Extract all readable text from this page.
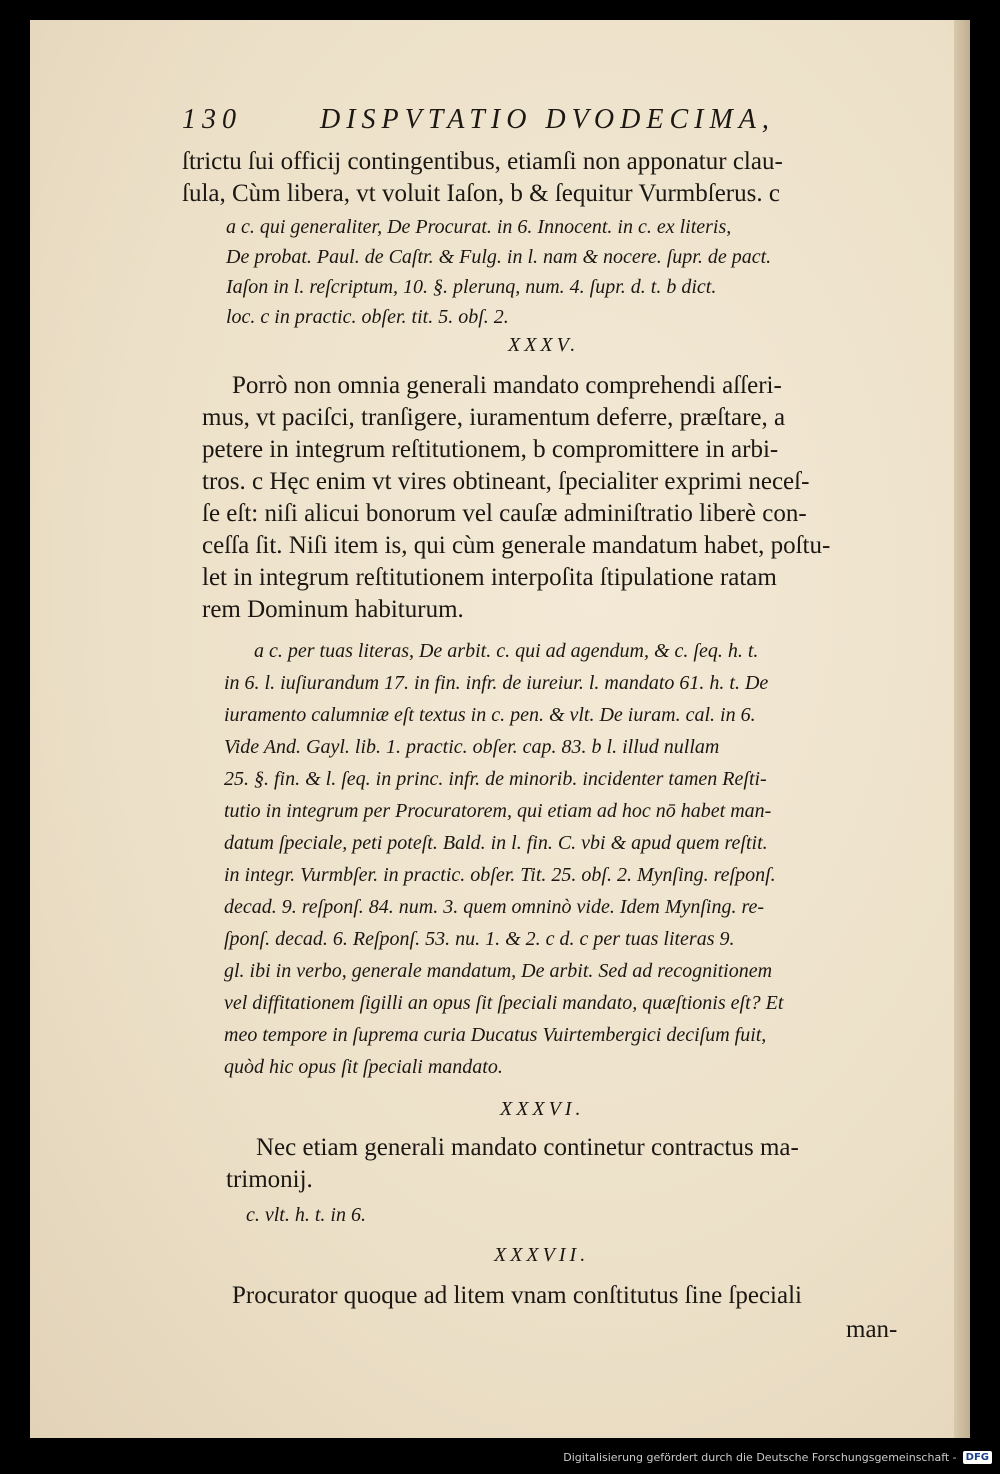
130	DISPVTATIO DVODECIMA,
ſtrictu ſui officij contingentibus, etiamſi non apponatur clau-
ſula, Cùm libera, vt voluit Iaſon, b & ſequitur Vurmbſerus. c
a c. qui generaliter, De Procurat. in 6. Innocent. in c. ex literis,
De probat. Paul. de Caſtr. & Fulg. in l. nam & nocere. ſupr. de pact.
Iaſon in l. reſcriptum, 10. §. plerunq, num. 4. ſupr. d. t. b dict.
loc. c in practic. obſer. tit. 5. obſ. 2.
XXXV.
Porrò non omnia generali mandato comprehendi aſſeri-
mus, vt paciſci, tranſigere, iuramentum deferre, præſtare, a
petere in integrum reſtitutionem, b compromittere in arbi-
tros. c Hęc enim vt vires obtineant, ſpecialiter exprimi neceſ-
ſe eſt: niſi alicui bonorum vel cauſæ adminiſtratio liberè con-
ceſſa ſit. Niſi item is, qui cùm generale mandatum habet, poſtu-
let in integrum reſtitutionem interpoſita ſtipulatione ratam
rem Dominum habiturum.
a c. per tuas literas, De arbit. c. qui ad agendum, & c. ſeq. h. t.
in 6. l. iuſiurandum 17. in fin. infr. de iureiur. l. mandato 61. h. t. De
iuramento calumniæ eſt textus in c. pen. & vlt. De iuram. cal. in 6.
Vide And. Gayl. lib. 1. practic. obſer. cap. 83. b l. illud nullam
25. §. fin. & l. ſeq. in princ. infr. de minorib. incidenter tamen Reſti-
tutio in integrum per Procuratorem, qui etiam ad hoc nō habet man-
datum ſpeciale, peti poteſt. Bald. in l. fin. C. vbi & apud quem reſtit.
in integr. Vurmbſer. in practic. obſer. Tit. 25. obſ. 2. Mynſing. reſponſ.
decad. 9. reſponſ. 84. num. 3. quem omninò vide. Idem Mynſing. re-
ſponſ. decad. 6. Reſponſ. 53. nu. 1. & 2. c d. c per tuas literas 9.
gl. ibi in verbo, generale mandatum, De arbit. Sed ad recognitionem
vel diffitationem ſigilli an opus ſit ſpeciali mandato, quæſtionis eſt? Et
meo tempore in ſuprema curia Ducatus Vuirtembergici deciſum fuit,
quòd hic opus ſit ſpeciali mandato.
XXXVI.
Nec etiam generali mandato continetur contractus ma-
trimonij.
c. vlt. h. t. in 6.
XXXVII.
Procurator quoque ad litem vnam conſtitutus ſine ſpeciali
man-
Digitalisierung gefördert durch die Deutsche Forschungsgemeinschaft - DFG
